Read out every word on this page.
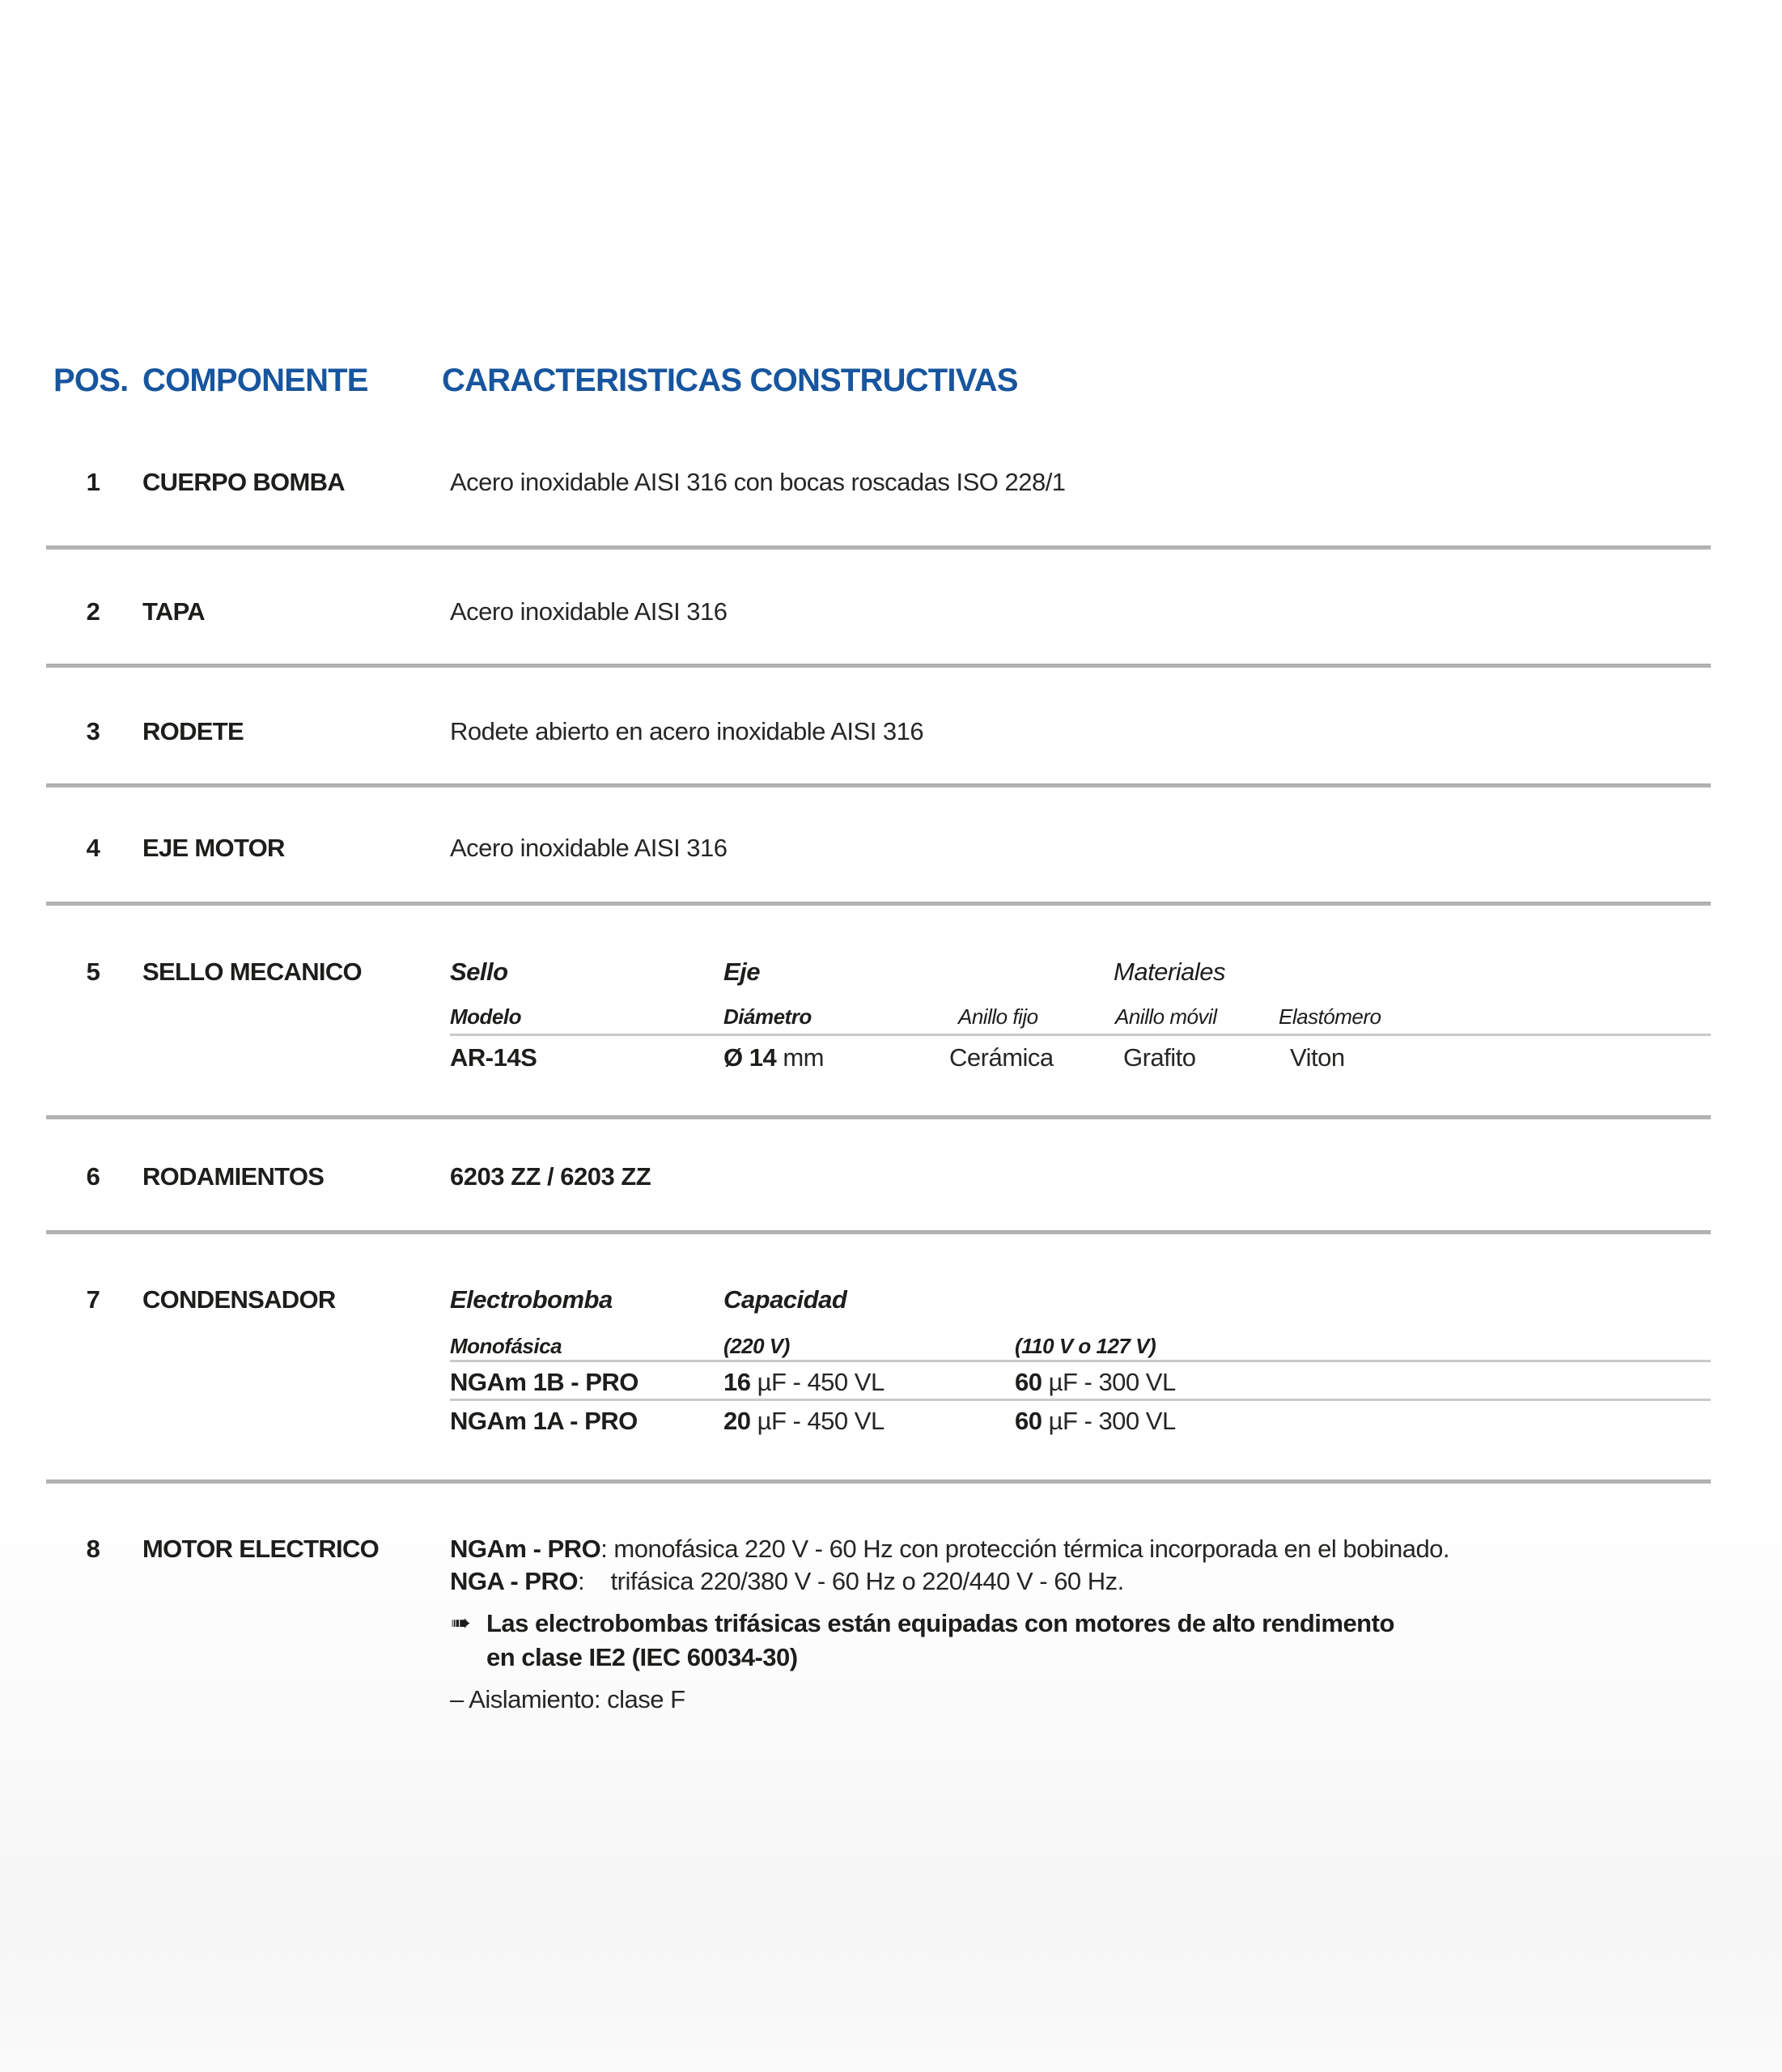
POS. COMPONENTE CARACTERISTICAS CONSTRUCTIVAS
1	CUERPO BOMBA	Acero inoxidable AISI 316 con bocas roscadas ISO 228/1
2	TAPA	Acero inoxidable AISI 316
3	RODETE	Rodete abierto en acero inoxidable AISI 316
4	EJE MOTOR	Acero inoxidable AISI 316
5	SELLO MECANICO	Sello	Eje	Materiales
Modelo	Diámetro	Anillo fijo	Anillo móvil	Elastómero
AR-14S	Ø 14 mm	Cerámica	Grafito	Viton
6	RODAMIENTOS	6203 ZZ / 6203 ZZ
7	CONDENSADOR	Electrobomba	Capacidad
Monofásica	(220 V)	(110 V o 127 V)
NGAm 1B - PRO	16 µF - 450 VL	60 µF - 300 VL
NGAm 1A - PRO	20 µF - 450 VL	60 µF - 300 VL
8	MOTOR ELECTRICO	NGAm - PRO: monofásica 220 V - 60 Hz con protección térmica incorporada en el bobinado.
NGA - PRO:    trifásica 220/380 V - 60 Hz o 220/440 V - 60 Hz.
➠ Las electrobombas trifásicas están equipadas con motores de alto rendimento
en clase IE2 (IEC 60034-30)
– Aislamiento: clase F
